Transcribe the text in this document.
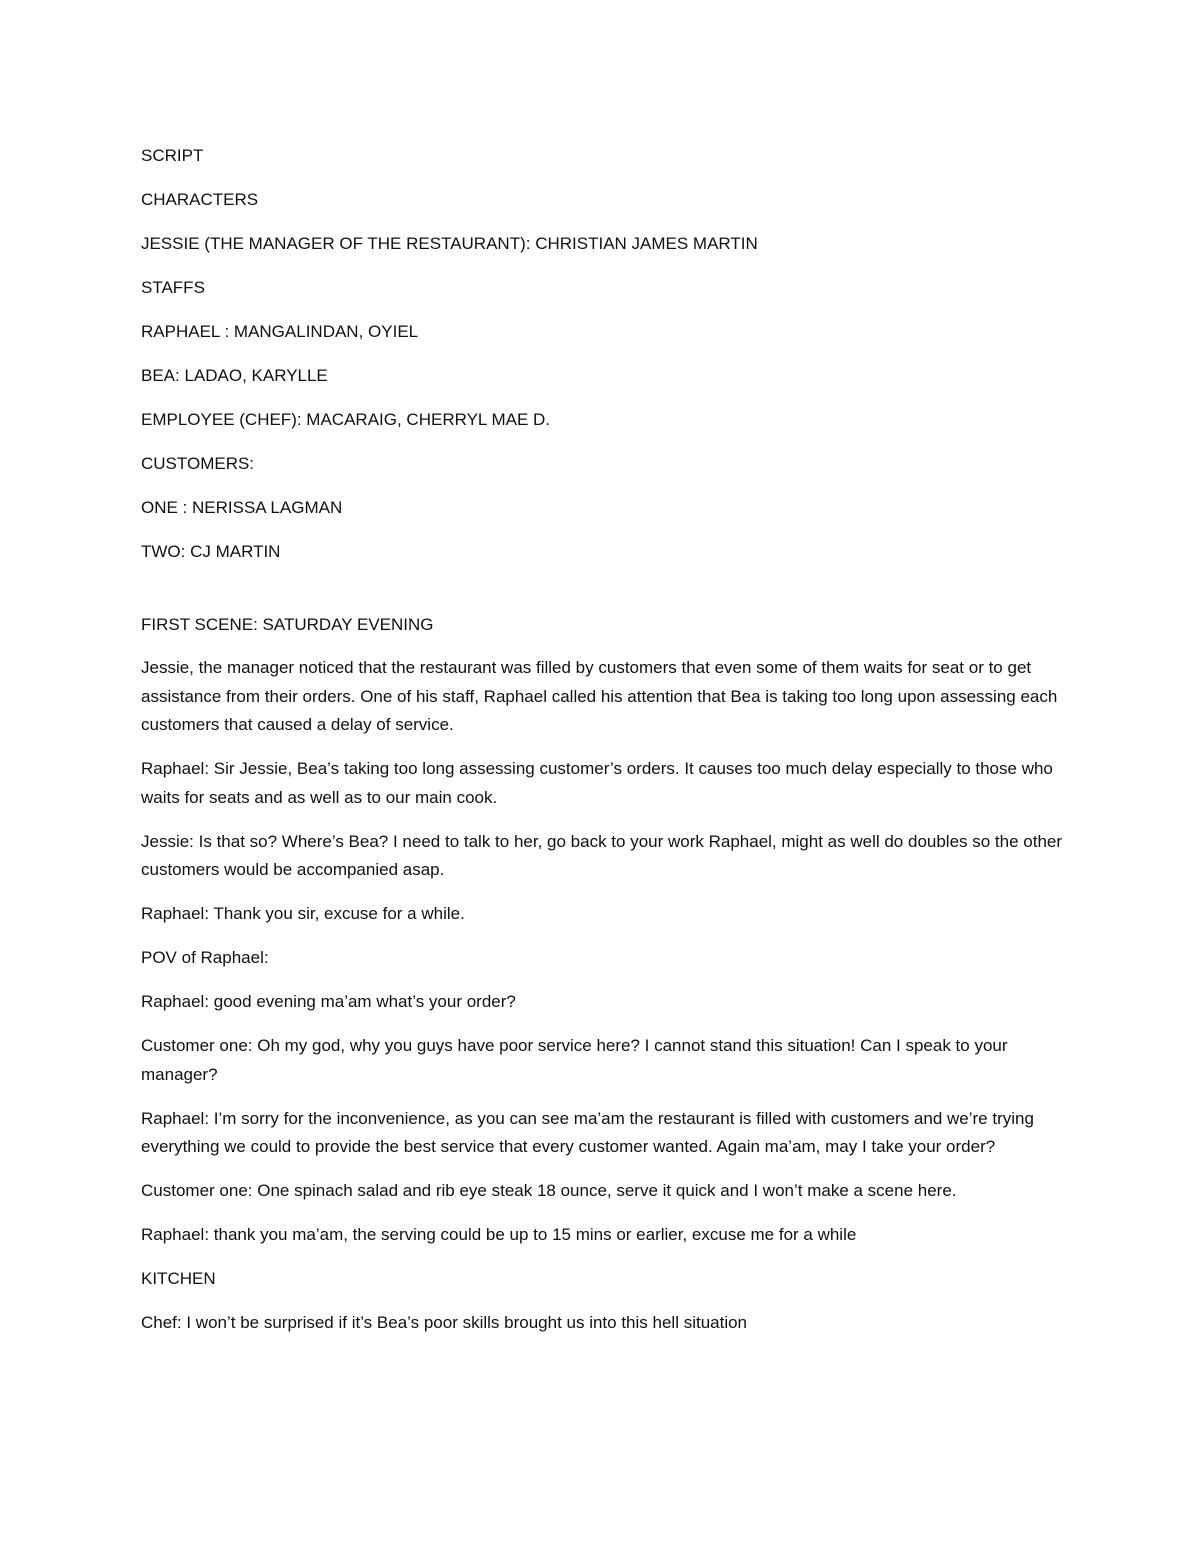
SCRIPT

CHARACTERS

JESSIE (THE MANAGER OF THE RESTAURANT): CHRISTIAN JAMES MARTIN

STAFFS

RAPHAEL : MANGALINDAN, OYIEL

BEA: LADAO, KARYLLE

EMPLOYEE (CHEF): MACARAIG, CHERRYL MAE D.

CUSTOMERS:

ONE : NERISSA LAGMAN

TWO: CJ MARTIN

FIRST SCENE: SATURDAY EVENING

Jessie, the manager noticed that the restaurant was filled by customers that even some of them waits for seat or to get assistance from their orders. One of his staff, Raphael called his attention that Bea is taking too long upon assessing each customers that caused a delay of service.

Raphael: Sir Jessie, Bea’s taking too long assessing customer’s orders. It causes too much delay especially to those who waits for seats and as well as to our main cook.

Jessie: Is that so? Where’s Bea? I need to talk to her, go back to your work Raphael, might as well do doubles so the other customers would be accompanied asap.

Raphael: Thank you sir, excuse for a while.

POV of Raphael:

Raphael: good evening ma’am what’s your order?

Customer one: Oh my god, why you guys have poor service here? I cannot stand this situation! Can I speak to your manager?

Raphael: I’m sorry for the inconvenience, as you can see ma’am the restaurant is filled with customers and we’re trying everything we could to provide the best service that every customer wanted. Again ma’am, may I take your order?

Customer one: One spinach salad and rib eye steak 18 ounce, serve it quick and I won’t make a scene here.

Raphael: thank you ma’am, the serving could be up to 15 mins or earlier, excuse me for a while

KITCHEN

Chef: I won’t be surprised if it’s Bea’s poor skills brought us into this hell situation
